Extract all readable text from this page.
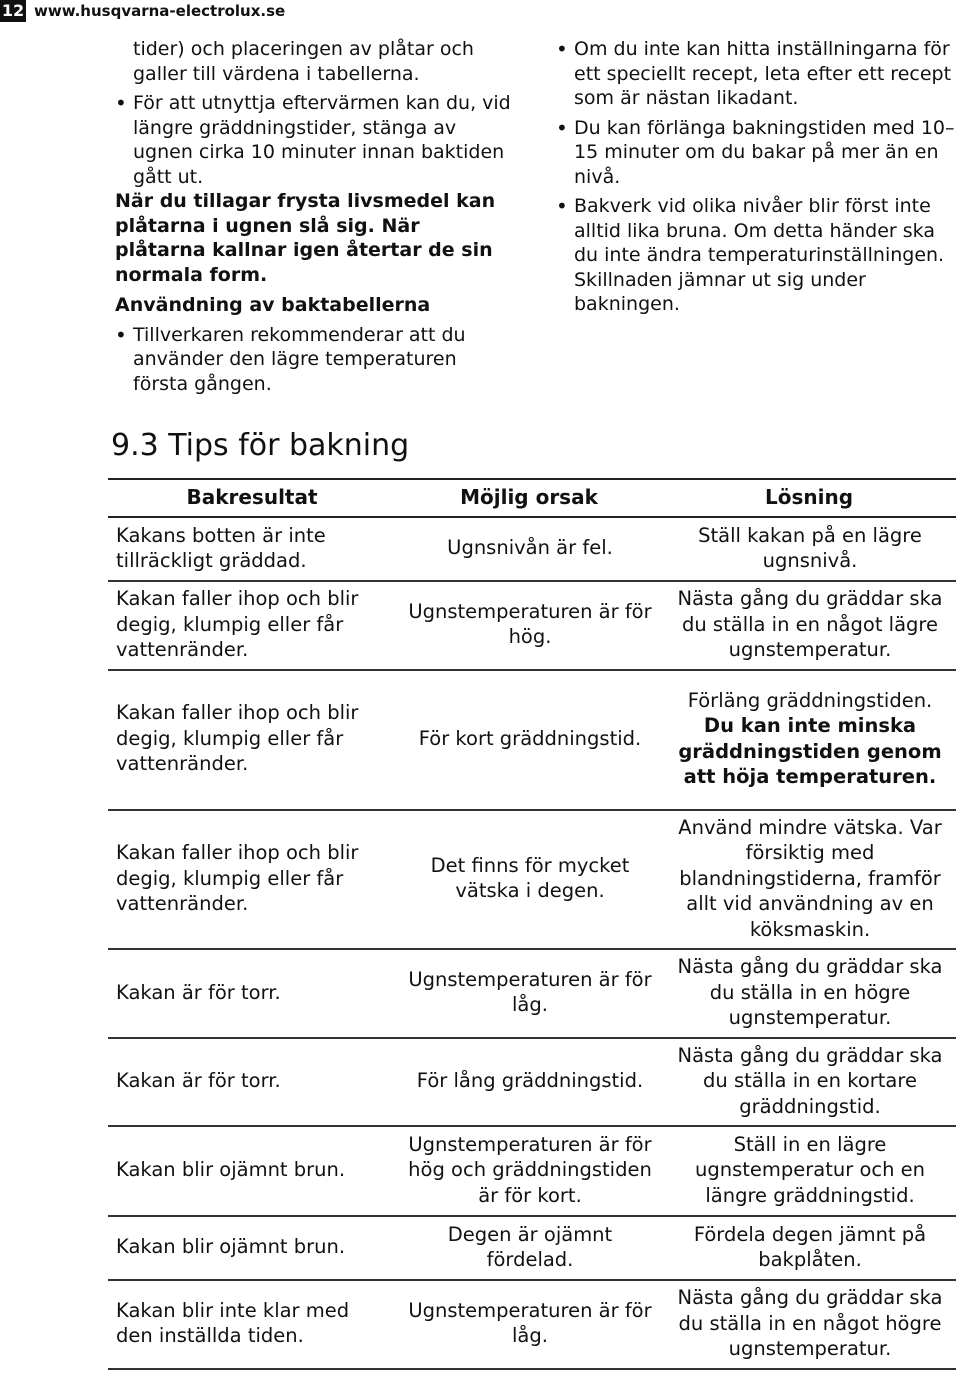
12 www.husqvarna-electrolux.se

tider) och placeringen av plåtar och galler till värdena i tabellerna.

• För att utnyttja eftervärmen kan du, vid längre gräddningstider, stänga av ugnen cirka 10 minuter innan baktiden gått ut.

När du tillagar frysta livsmedel kan plåtarna i ugnen slå sig. När plåtarna kallnar igen återtar de sin normala form.

Användning av baktabellerna

• Tillverkaren rekommenderar att du använder den lägre temperaturen första gången.
• Om du inte kan hitta inställningarna för ett speciellt recept, leta efter ett recept som är nästan likadant.
• Du kan förlänga bakningstiden med 10–15 minuter om du bakar på mer än en nivå.
• Bakverk vid olika nivåer blir först inte alltid lika bruna. Om detta händer ska du inte ändra temperaturinställningen. Skillnaden jämnar ut sig under bakningen.
9.3 Tips för bakning
Bakresultat	Möjlig orsak	Lösning
Kakans botten är inte tillräckligt gräddad.	Ugnsnivån är fel.	Ställ kakan på en lägre ugnsnivå.
Kakan faller ihop och blir degig, klumpig eller får vattenränder.	Ugnstemperaturen är för hög.	Nästa gång du gräddar ska du ställa in en något lägre ugnstemperatur.
Kakan faller ihop och blir degig, klumpig eller får vattenränder.	För kort gräddningstid.	Förläng gräddningstiden. Du kan inte minska gräddningstiden genom att höja temperaturen.
Kakan faller ihop och blir degig, klumpig eller får vattenränder.	Det finns för mycket vätska i degen.	Använd mindre vätska. Var försiktig med blandningstiderna, framför allt vid användning av en köksmaskin.
Kakan är för torr.	Ugnstemperaturen är för låg.	Nästa gång du gräddar ska du ställa in en högre ugnstemperatur.
Kakan är för torr.	För lång gräddningstid.	Nästa gång du gräddar ska du ställa in en kortare gräddningstid.
Kakan blir ojämnt brun.	Ugnstemperaturen är för hög och gräddningstiden är för kort.	Ställ in en lägre ugnstemperatur och en längre gräddningstid.
Kakan blir ojämnt brun.	Degen är ojämnt fördelad.	Fördela degen jämnt på bakplåten.
Kakan blir inte klar med den inställda tiden.	Ugnstemperaturen är för låg.	Nästa gång du gräddar ska du ställa in en något högre ugnstemperatur.
